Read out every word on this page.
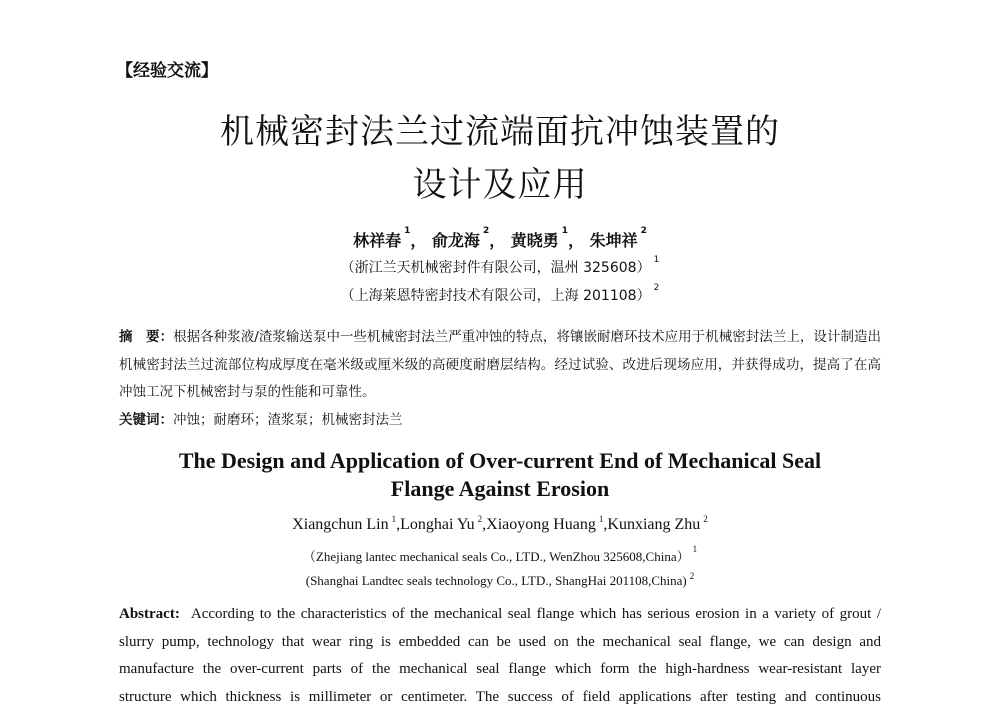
【经验交流】
机械密封法兰过流端面抗冲蚀装置的
设计及应用
林祥春 $^1$， 俞龙海 $^2$， 黄晓勇 $^1$， 朱坤祥 $^2$
（浙江兰天机械密封件有限公司，温州 325608） $^1$
（上海莱恩特密封技术有限公司，上海 201108） $^2$
摘　要：根据各种浆液/渣浆输送泵中一些机械密封法兰严重冲蚀的特点，将镶嵌耐磨环技术应用于机械密封法兰上，设计制造出机械密封法兰过流部位构成厚度在毫米级或厘米级的高硬度耐磨层结构。经过试验、改进后现场应用，并获得成功，提高了在高冲蚀工况下机械密封与泵的性能和可靠性。
关键词：冲蚀；耐磨环；渣浆泵；机械密封法兰
The Design and Application of Over-current End of Mechanical Seal
Flange Against Erosion
Xiangchun Lin $^1$,Longhai Yu $^2$,Xiaoyong Huang $^1$,Kunxiang Zhu $^2$
（Zhejiang lantec mechanical seals Co., LTD., WenZhou 325608,China） $^1$
(Shanghai Landtec seals technology Co., LTD., ShangHai 201108,China) $^2$
Abstract: According to the characteristics of the mechanical seal flange which has serious erosion in a variety of grout /
slurry pump, technology that wear ring is embedded can be used on the mechanical seal flange, we can design and
manufacture the over-current parts of the mechanical seal flange which form the high-hardness wear-resistant layer
structure which thickness is millimeter or centimeter. The success of field applications after testing and continuous
